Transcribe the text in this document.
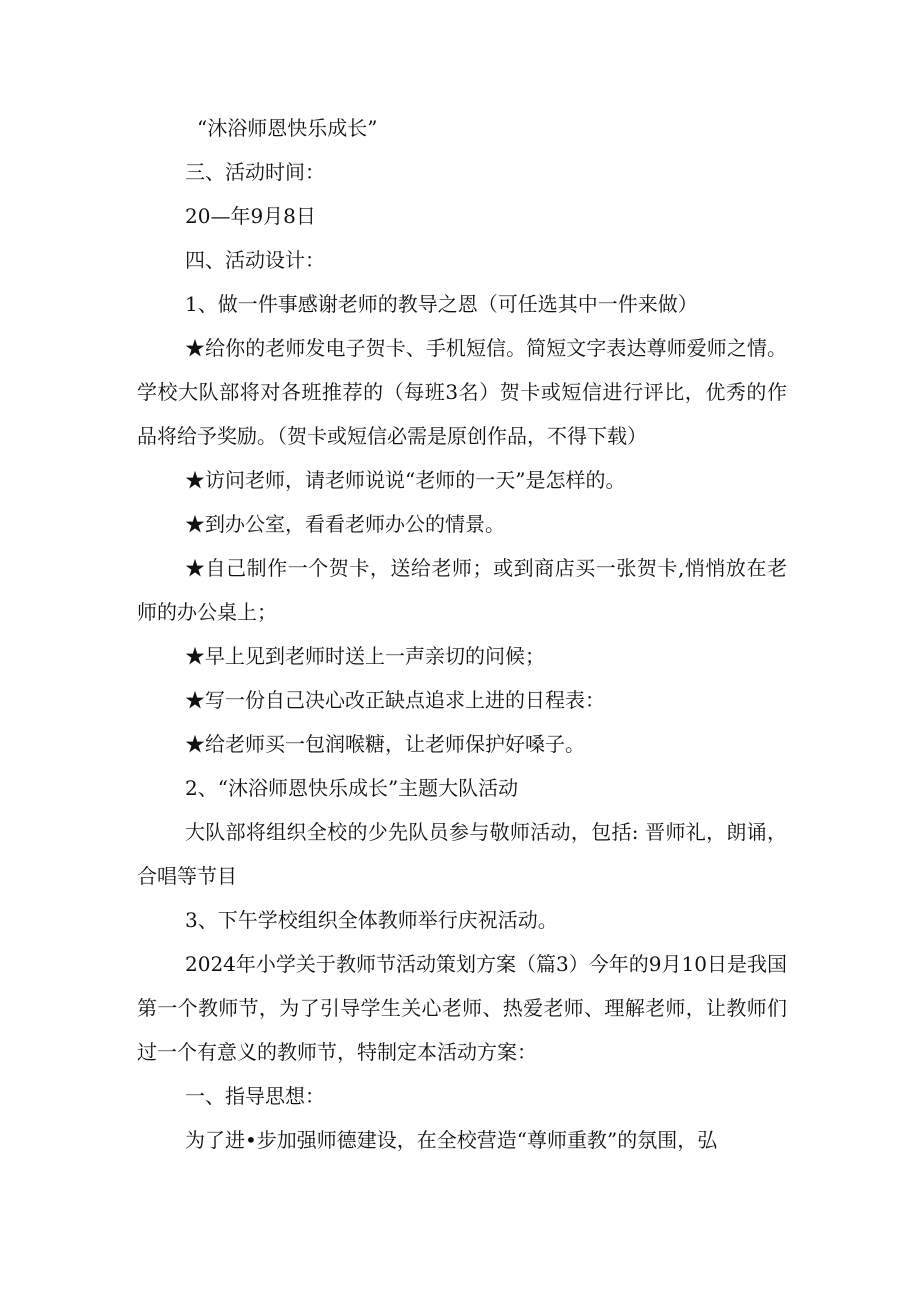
“沐浴师恩快乐成长”

三、活动时间：

20—年9月8日

四、活动设计：

1、做一件事感谢老师的教导之恩（可任选其中一件来做）

★给你的老师发电子贺卡、手机短信。简短文字表达尊师爱师之情。学校大队部将对各班推荐的（每班3名）贺卡或短信进行评比，优秀的作品将给予奖励。（贺卡或短信必需是原创作品，不得下载）

★访问老师，请老师说说“老师的一天”是怎样的。

★到办公室，看看老师办公的情景。

★自己制作一个贺卡，送给老师；或到商店买一张贺卡,悄悄放在老师的办公桌上；

★早上见到老师时送上一声亲切的问候；

★写一份自己决心改正缺点追求上进的日程表：

★给老师买一包润喉糖，让老师保护好嗓子。

2、“沐浴师恩快乐成长”主题大队活动

大队部将组织全校的少先队员参与敬师活动，包括: 晋师礼，朗诵，合唱等节目

3、下午学校组织全体教师举行庆祝活动。

2024年小学关于教师节活动策划方案（篇3）今年的9月10日是我国第一个教师节，为了引导学生关心老师、热爱老师、理解老师，让教师们过一个有意义的教师节，特制定本活动方案：

一、指导思想：

为了进•步加强师德建设，在全校营造“尊师重教”的氛围，弘
